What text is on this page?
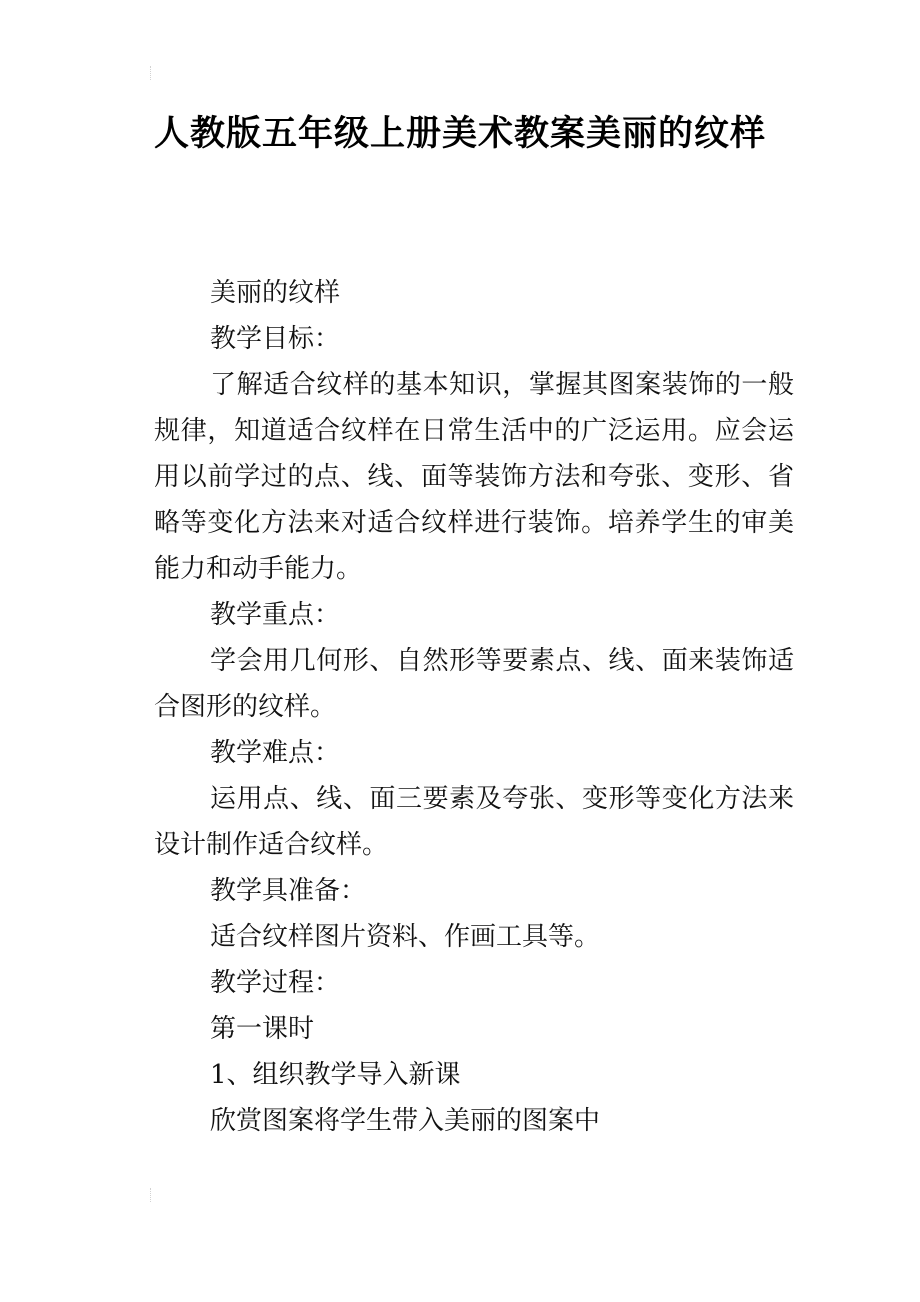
人教版五年级上册美术教案美丽的纹样

美丽的纹样

教学目标：

了解适合纹样的基本知识，掌握其图案装饰的一般规律，知道适合纹样在日常生活中的广泛运用。应会运用以前学过的点、线、面等装饰方法和夸张、变形、省略等变化方法来对适合纹样进行装饰。培养学生的审美能力和动手能力。

教学重点：

学会用几何形、自然形等要素点、线、面来装饰适合图形的纹样。

教学难点：

运用点、线、面三要素及夸张、变形等变化方法来设计制作适合纹样。

教学具准备：

适合纹样图片资料、作画工具等。

教学过程：

第一课时

1、组织教学导入新课

欣赏图案将学生带入美丽的图案中
